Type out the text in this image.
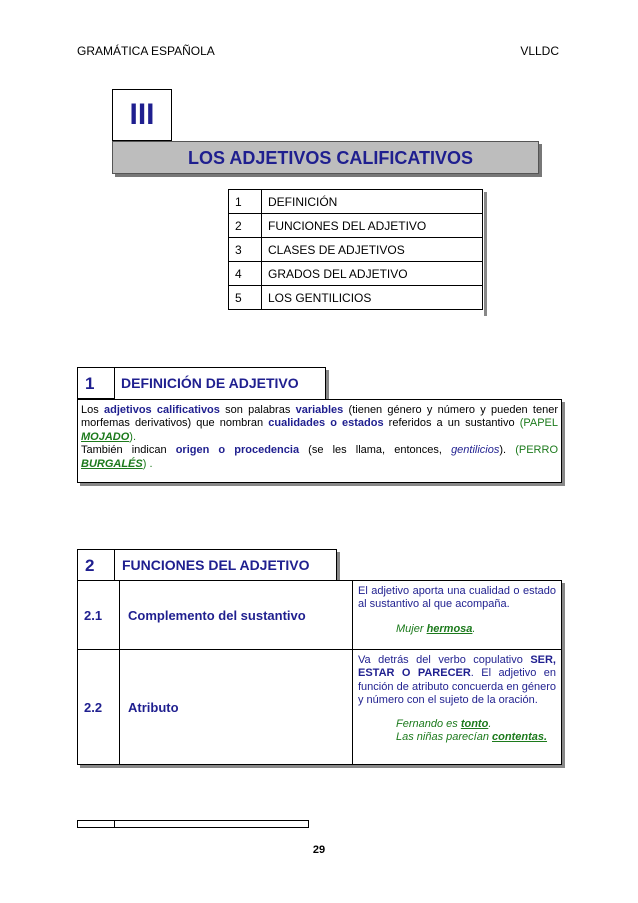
GRAMÁTICA ESPAÑOLA	VLLDC
III
LOS ADJETIVOS CALIFICATIVOS
1	DEFINICIÓN
2	FUNCIONES DEL ADJETIVO
3	CLASES DE ADJETIVOS
4	GRADOS DEL ADJETIVO
5	LOS GENTILICIOS
1 DEFINICIÓN DE ADJETIVO
Los adjetivos calificativos son palabras variables (tienen género y número y pueden tener morfemas derivativos) que nombran cualidades o estados referidos a un sustantivo (PAPEL MOJADO).
También indican origen o procedencia (se les llama, entonces, gentilicios). (PERRO BURGALÉS) .
2 FUNCIONES DEL ADJETIVO
2.1	Complemento del sustantivo	El adjetivo aporta una cualidad o estado al sustantivo al que acompaña.
Mujer hermosa.

2.2	Atributo	Va detrás del verbo copulativo SER, ESTAR O PARECER. El adjetivo en función de atributo concuerda en género y número con el sujeto de la oración.
Fernando es tonto.
Las niñas parecían contentas.
29
